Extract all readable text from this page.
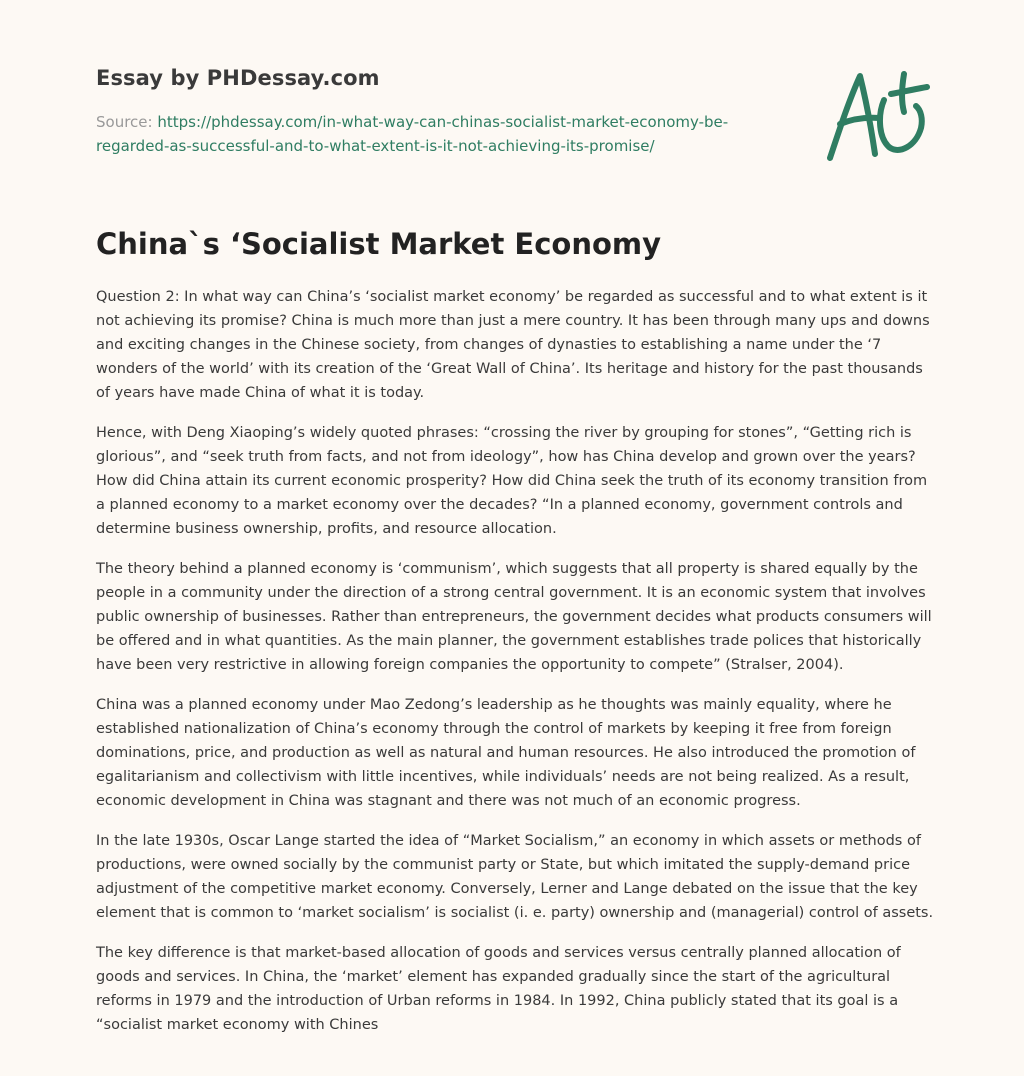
Essay by PHDessay.com
Source: https://phdessay.com/in-what-way-can-chinas-socialist-market-economy-be-regarded-as-successful-and-to-what-extent-is-it-not-achieving-its-promise/
China`s ‘Socialist Market Economy

Question 2: In what way can China’s ‘socialist market economy’ be regarded as successful and to what extent is it not achieving its promise? China is much more than just a mere country. It has been through many ups and downs and exciting changes in the Chinese society, from changes of dynasties to establishing a name under the ‘7 wonders of the world’ with its creation of the ‘Great Wall of China’. Its heritage and history for the past thousands of years have made China of what it is today.

Hence, with Deng Xiaoping’s widely quoted phrases: “crossing the river by grouping for stones”, “Getting rich is glorious”, and “seek truth from facts, and not from ideology”, how has China develop and grown over the years? How did China attain its current economic prosperity? How did China seek the truth of its economy transition from a planned economy to a market economy over the decades? “In a planned economy, government controls and determine business ownership, profits, and resource allocation.

The theory behind a planned economy is ‘communism’, which suggests that all property is shared equally by the people in a community under the direction of a strong central government. It is an economic system that involves public ownership of businesses. Rather than entrepreneurs, the government decides what products consumers will be offered and in what quantities. As the main planner, the government establishes trade polices that historically have been very restrictive in allowing foreign companies the opportunity to compete” (Stralser, 2004).

China was a planned economy under Mao Zedong’s leadership as he thoughts was mainly equality, where he established nationalization of China’s economy through the control of markets by keeping it free from foreign dominations, price, and production as well as natural and human resources. He also introduced the promotion of egalitarianism and collectivism with little incentives, while individuals’ needs are not being realized. As a result, economic development in China was stagnant and there was not much of an economic progress.

In the late 1930s, Oscar Lange started the idea of “Market Socialism,” an economy in which assets or methods of productions, were owned socially by the communist party or State, but which imitated the supply-demand price adjustment of the competitive market economy. Conversely, Lerner and Lange debated on the issue that the key element that is common to ‘market socialism’ is socialist (i. e. party) ownership and (managerial) control of assets.

The key difference is that market-based allocation of goods and services versus centrally planned allocation of goods and services. In China, the ‘market’ element has expanded gradually since the start of the agricultural reforms in 1979 and the introduction of Urban reforms in 1984. In 1992, China publicly stated that its goal is a “socialist market economy with Chines
